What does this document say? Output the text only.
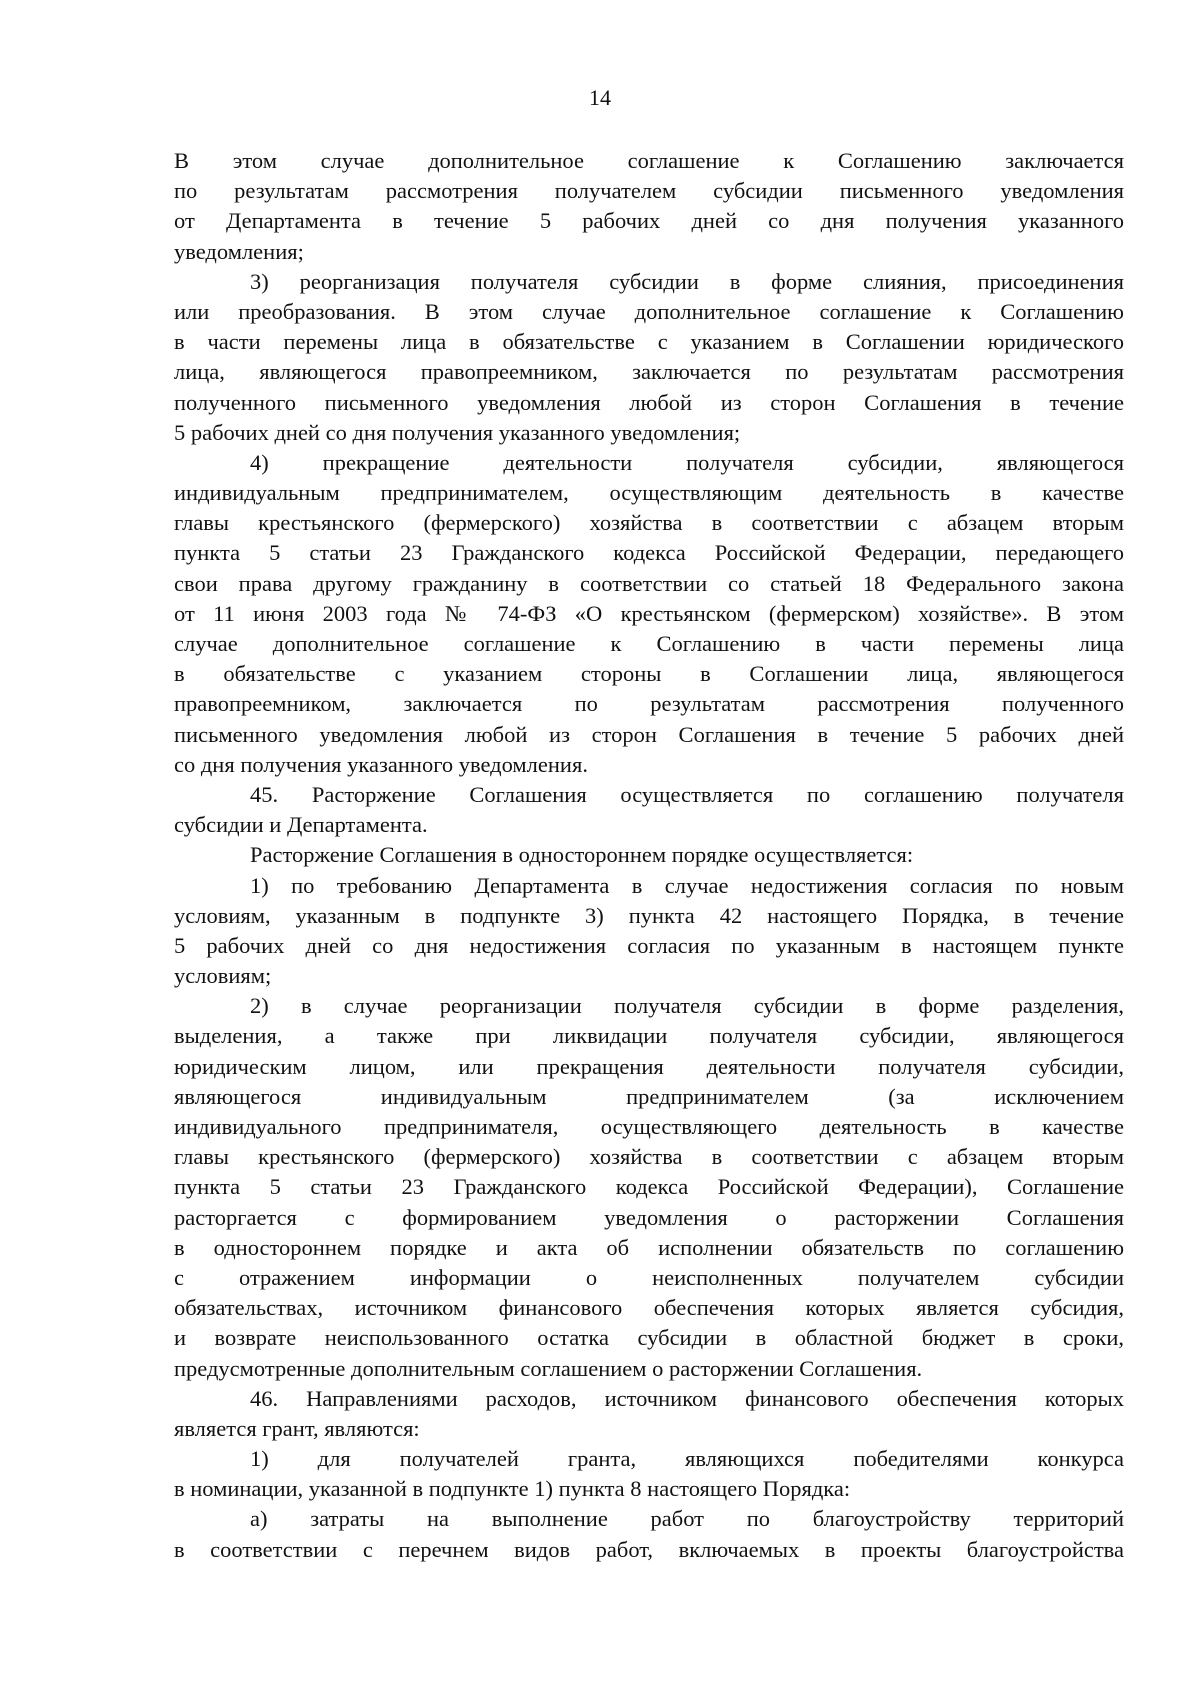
14
В этом случае дополнительное соглашение к Соглашению заключается
по результатам рассмотрения получателем субсидии письменного уведомления
от Департамента в течение 5 рабочих дней со дня получения указанного
уведомления;
3) реорганизация получателя субсидии в форме слияния, присоединения
или преобразования. В этом случае дополнительное соглашение к Соглашению
в части перемены лица в обязательстве с указанием в Соглашении юридического
лица, являющегося правопреемником, заключается по результатам рассмотрения
полученного письменного уведомления любой из сторон Соглашения в течение
5 рабочих дней со дня получения указанного уведомления;
4) прекращение деятельности получателя субсидии, являющегося
индивидуальным предпринимателем, осуществляющим деятельность в качестве
главы крестьянского (фермерского) хозяйства в соответствии с абзацем вторым
пункта 5 статьи 23 Гражданского кодекса Российской Федерации, передающего
свои права другому гражданину в соответствии со статьей 18 Федерального закона
от 11 июня 2003 года № 74-ФЗ «О крестьянском (фермерском) хозяйстве». В этом
случае дополнительное соглашение к Соглашению в части перемены лица
в обязательстве с указанием стороны в Соглашении лица, являющегося
правопреемником, заключается по результатам рассмотрения полученного
письменного уведомления любой из сторон Соглашения в течение 5 рабочих дней
со дня получения указанного уведомления.
45. Расторжение Соглашения осуществляется по соглашению получателя
субсидии и Департамента.
Расторжение Соглашения в одностороннем порядке осуществляется:
1) по требованию Департамента в случае недостижения согласия по новым
условиям, указанным в подпункте 3) пункта 42 настоящего Порядка, в течение
5 рабочих дней со дня недостижения согласия по указанным в настоящем пункте
условиям;
2) в случае реорганизации получателя субсидии в форме разделения,
выделения, а также при ликвидации получателя субсидии, являющегося
юридическим лицом, или прекращения деятельности получателя субсидии,
являющегося индивидуальным предпринимателем (за исключением
индивидуального предпринимателя, осуществляющего деятельность в качестве
главы крестьянского (фермерского) хозяйства в соответствии с абзацем вторым
пункта 5 статьи 23 Гражданского кодекса Российской Федерации), Соглашение
расторгается с формированием уведомления о расторжении Соглашения
в одностороннем порядке и акта об исполнении обязательств по соглашению
с отражением информации о неисполненных получателем субсидии
обязательствах, источником финансового обеспечения которых является субсидия,
и возврате неиспользованного остатка субсидии в областной бюджет в сроки,
предусмотренные дополнительным соглашением о расторжении Соглашения.
46. Направлениями расходов, источником финансового обеспечения которых
является грант, являются:
1) для получателей гранта, являющихся победителями конкурса
в номинации, указанной в подпункте 1) пункта 8 настоящего Порядка:
а) затраты на выполнение работ по благоустройству территорий
в соответствии с перечнем видов работ, включаемых в проекты благоустройства
